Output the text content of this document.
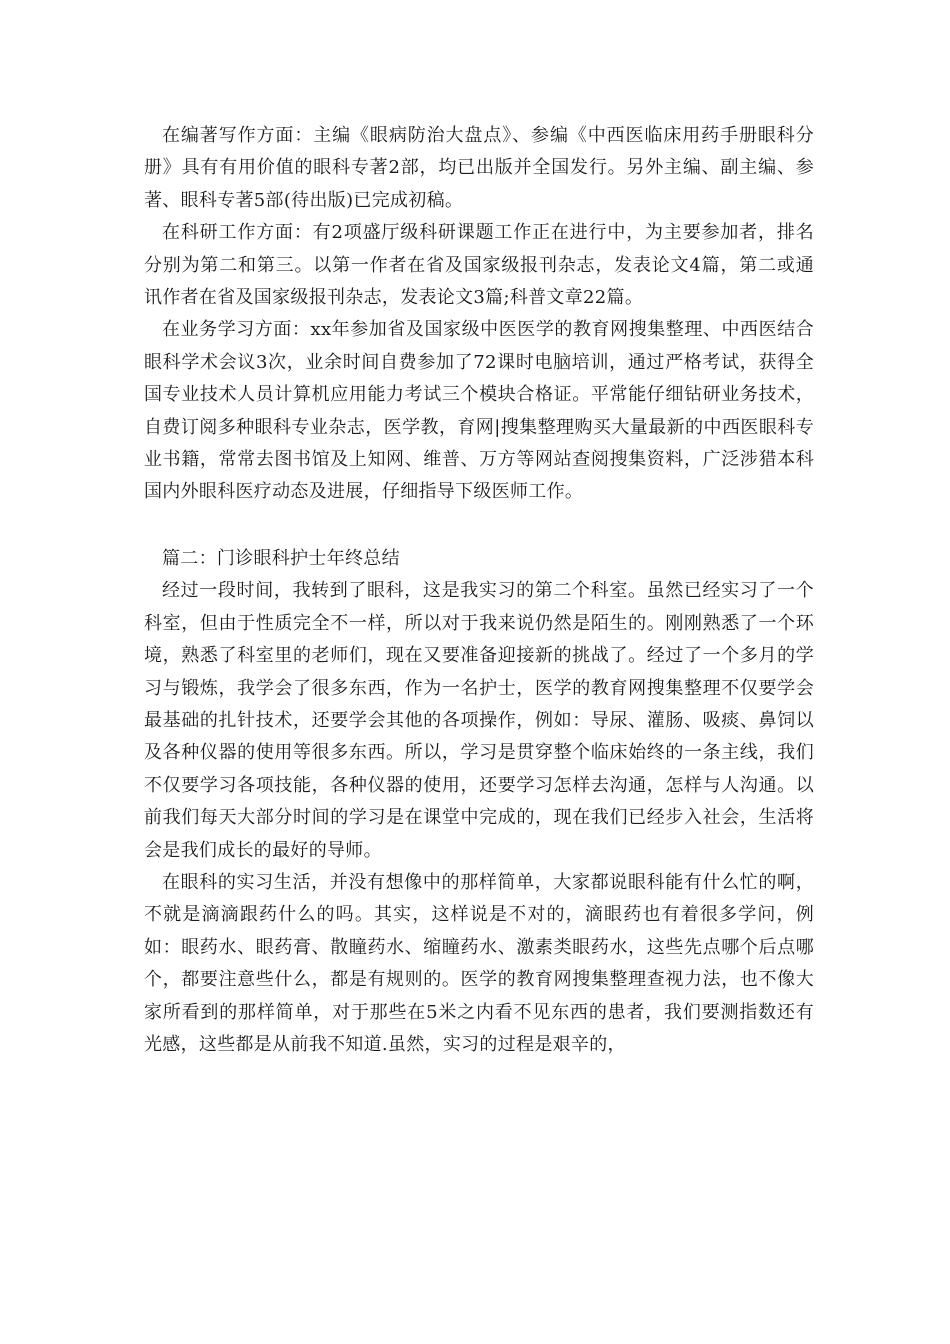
在编著写作方面：主编《眼病防治大盘点》、参编《中西医临床用药手册眼科分册》具有有用价值的眼科专著2部，均已出版并全国发行。另外主编、副主编、参著、眼科专著5部(待出版)已完成初稿。

在科研工作方面：有2项盛厅级科研课题工作正在进行中，为主要参加者，排名分别为第二和第三。以第一作者在省及国家级报刊杂志，发表论文4篇，第二或通讯作者在省及国家级报刊杂志，发表论文3篇;科普文章22篇。

在业务学习方面：xx年参加省及国家级中医医学的教育网搜集整理、中西医结合眼科学术会议3次，业余时间自费参加了72课时电脑培训，通过严格考试，获得全国专业技术人员计算机应用能力考试三个模块合格证。平常能仔细钻研业务技术，自费订阅多种眼科专业杂志，医学教，育网|搜集整理购买大量最新的中西医眼科专业书籍，常常去图书馆及上知网、维普、万方等网站查阅搜集资料，广泛涉猎本科国内外眼科医疗动态及进展，仔细指导下级医师工作。

篇二：门诊眼科护士年终总结

经过一段时间，我转到了眼科，这是我实习的第二个科室。虽然已经实习了一个科室，但由于性质完全不一样，所以对于我来说仍然是陌生的。刚刚熟悉了一个环境，熟悉了科室里的老师们，现在又要准备迎接新的挑战了。经过了一个多月的学习与锻炼，我学会了很多东西，作为一名护士，医学的教育网搜集整理不仅要学会最基础的扎针技术，还要学会其他的各项操作，例如：导尿、灌肠、吸痰、鼻饲以及各种仪器的使用等很多东西。所以，学习是贯穿整个临床始终的一条主线，我们不仅要学习各项技能，各种仪器的使用，还要学习怎样去沟通，怎样与人沟通。以前我们每天大部分时间的学习是在课堂中完成的，现在我们已经步入社会，生活将会是我们成长的最好的导师。

在眼科的实习生活，并没有想像中的那样简单，大家都说眼科能有什么忙的啊，不就是滴滴跟药什么的吗。其实，这样说是不对的，滴眼药也有着很多学问，例如：眼药水、眼药膏、散瞳药水、缩瞳药水、激素类眼药水，这些先点哪个后点哪个，都要注意些什么，都是有规则的。医学的教育网搜集整理查视力法，也不像大家所看到的那样简单，对于那些在5米之内看不见东西的患者，我们要测指数还有光感，这些都是从前我不知道.虽然，实习的过程是艰辛的，
